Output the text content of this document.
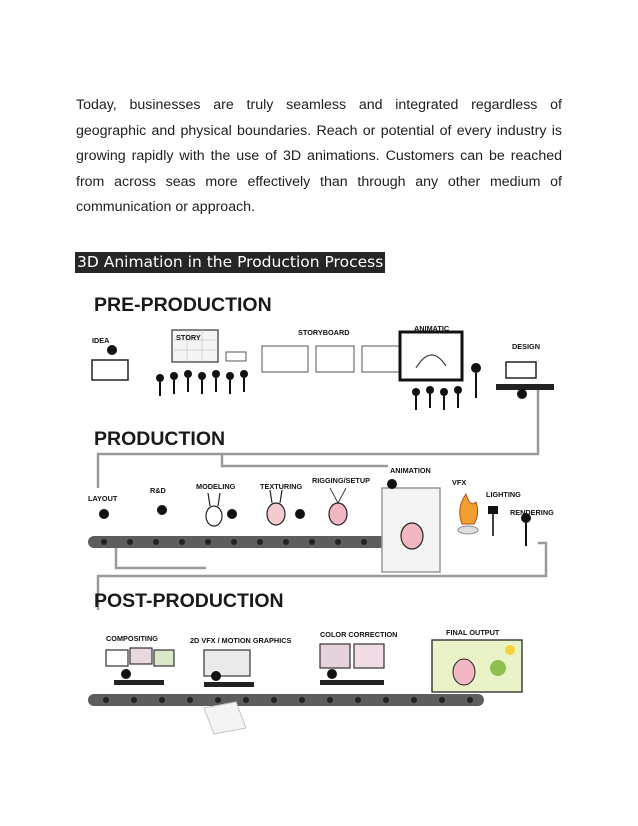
Today, businesses are truly seamless and integrated regardless of geographic and physical boundaries. Reach or potential of every industry is growing rapidly with the use of 3D animations. Customers can be reached from across seas more effectively than through any other medium of communication or approach.

3D Animation in the Production Process
PRE-PRODUCTION
IDEA	STORY
STORYBOARD	ANIMATIC
DESIGN
PRODUCTION
LAYOUT
R&D	MODELING	TEXTURING
RIGGING/SETUP
ANIMATION
VFX
LIGHTING
RENDERING
POST-PRODUCTION
COMPOSITING	2D VFX / MOTION GRAPHICS
COLOR CORRECTION	FINAL OUTPUT
